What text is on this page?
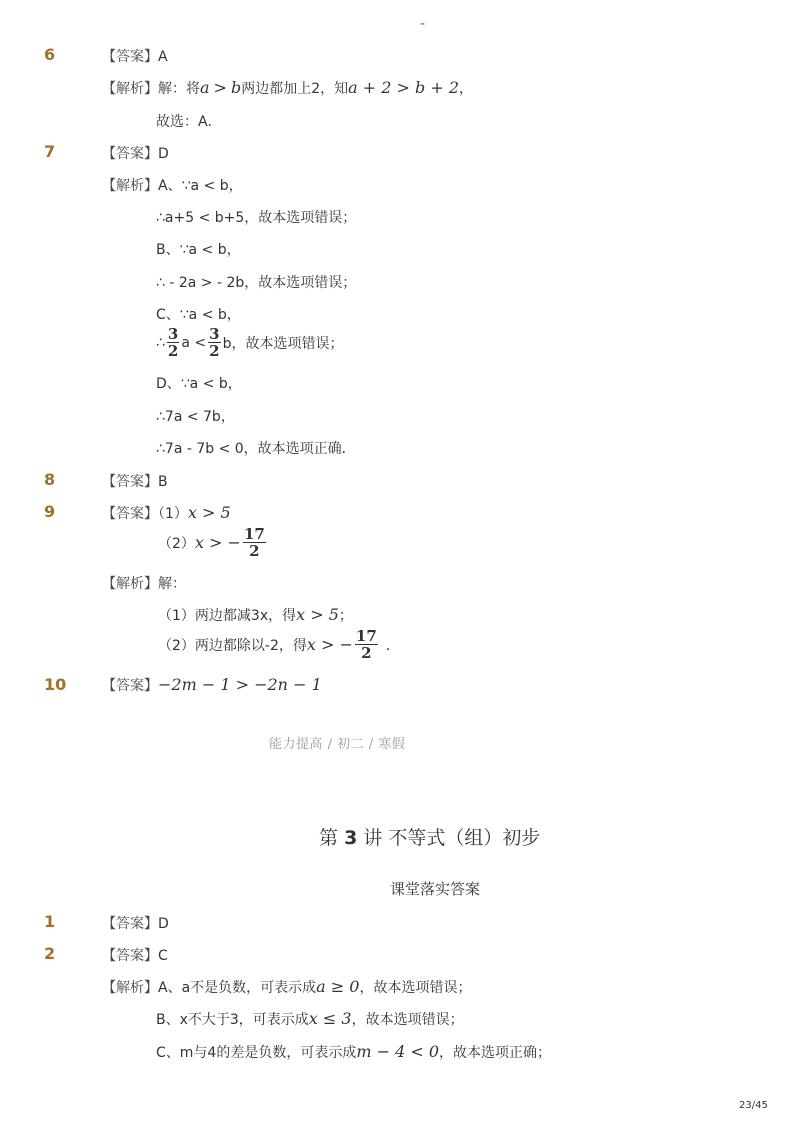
-
6	【答案】A
【解析】解：将a > b两边都加上2，知a + 2 > b + 2，
故选：A．
7	【答案】D
【解析】A、∵a < b，
∴a+5 < b+5，故本选项错误；
B、∵a < b，
∴ - 2a > - 2b，故本选项错误；
C、∵a < b，
∴ $\frac{3}{2}$ $a < \frac{3}{2}$ b，故本选项错误；
D、∵a < b，
∴7a < 7b，
∴7a - 7b < 0，故本选项正确．
8	【答案】B
9	【答案】（1）x > 5
（2） x > − $\frac{17}{2}$
【解析】解：
（1）两边都减3x，得x > 5；
（2）两边都除以-2，得 x > − $\frac{17}{2}$ ．
10	【答案】−2m − 1 > −2n − 1
能力提高 / 初二 / 寒假
第 3 讲 不等式（组）初步
课堂落实答案
1	【答案】D
2	【答案】C
【解析】A、a不是负数，可表示成a ≥ 0，故本选项错误；
B、x不大于3，可表示成x ≤ 3，故本选项错误；
C、m与4的差是负数，可表示成m − 4 < 0，故本选项正确；
23/45
